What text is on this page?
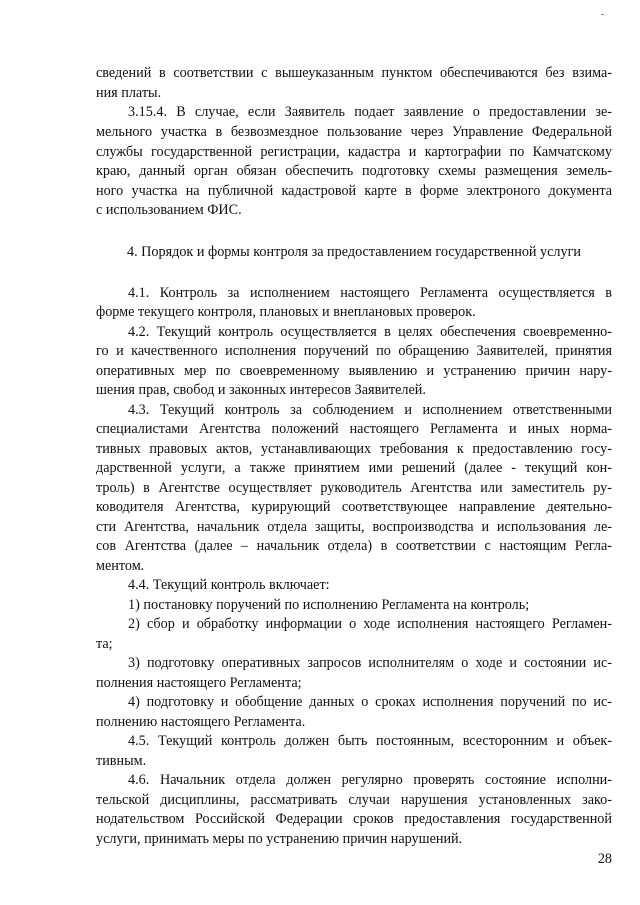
сведений в соответствии с вышеуказанным пунктом обеспечиваются без взима-
ния платы.
3.15.4. В случае, если Заявитель подает заявление о предоставлении зе-
мельного участка в безвозмездное пользование через Управление Федеральной
службы государственной регистрации, кадастра и картографии по Камчатскому
краю, данный орган обязан обеспечить подготовку схемы размещения земель-
ного участка на публичной кадастровой карте в форме электроного документа
с использованием ФИС.
4. Порядок и формы контроля за предоставлением государственной услуги
4.1. Контроль за исполнением настоящего Регламента осуществляется в
форме текущего контроля, плановых и внеплановых проверок.
4.2. Текущий контроль осуществляется в целях обеспечения своевременно-
го и качественного исполнения поручений по обращению Заявителей, принятия
оперативных мер по своевременному выявлению и устранению причин нару-
шения прав, свобод и законных интересов Заявителей.
4.3. Текущий контроль за соблюдением и исполнением ответственными
специалистами Агентства положений настоящего Регламента и иных норма-
тивных правовых актов, устанавливающих требования к предоставлению госу-
дарственной услуги, а также принятием ими решений (далее - текущий кон-
троль) в Агентстве осуществляет руководитель Агентства или заместитель ру-
ководителя Агентства, курирующий соответствующее направление деятельно-
сти Агентства, начальник отдела защиты, воспроизводства и использования ле-
сов Агентства (далее – начальник отдела) в соответствии с настоящим Регла-
ментом.
4.4. Текущий контроль включает:
1) постановку поручений по исполнению Регламента на контроль;
2) сбор и обработку информации о ходе исполнения настоящего Регламен-
та;
3) подготовку оперативных запросов исполнителям о ходе и состоянии ис-
полнения настоящего Регламента;
4) подготовку и обобщение данных о сроках исполнения поручений по ис-
полнению настоящего Регламента.
4.5. Текущий контроль должен быть постоянным, всесторонним и объек-
тивным.
4.6. Начальник отдела должен регулярно проверять состояние исполни-
тельской дисциплины, рассматривать случаи нарушения установленных зако-
нодательством Российской Федерации сроков предоставления государственной
услуги, принимать меры по устранению причин нарушений.
28
